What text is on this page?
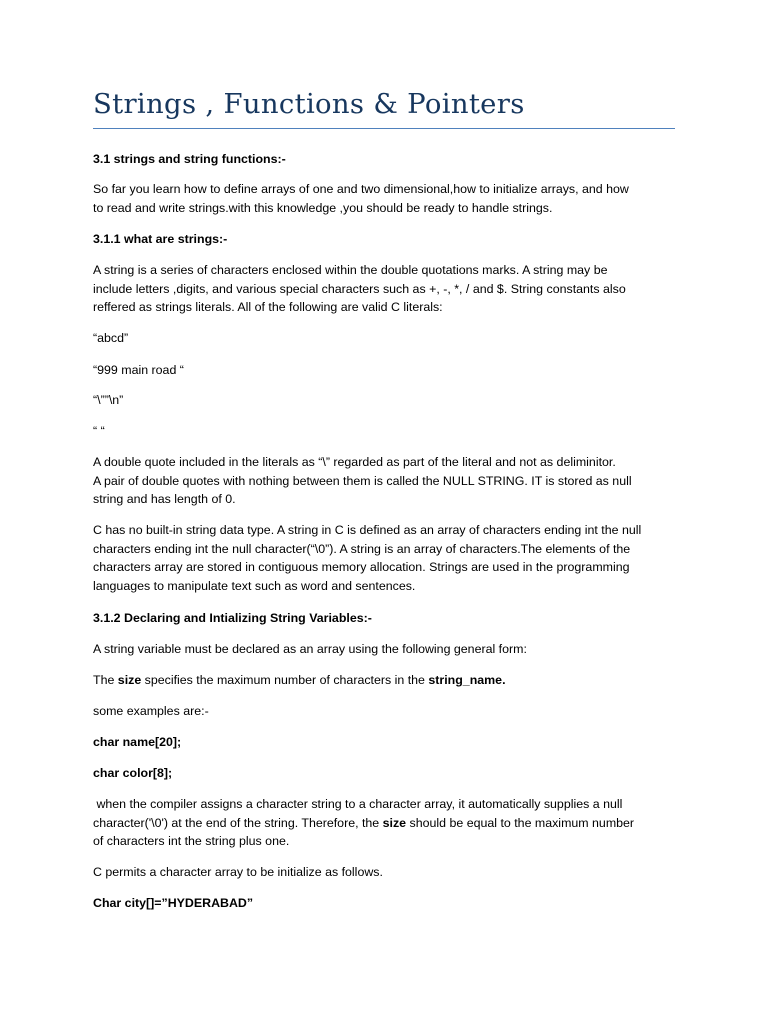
Strings , Functions & Pointers
3.1 strings and string functions:-
So far you learn how to define arrays of one and two dimensional,how to initialize arrays, and how
to read and write strings.with this knowledge ,you should be ready to handle strings.
3.1.1 what are strings:-
A string is a series of characters enclosed within the double quotations marks. A string may be
include letters ,digits, and various special characters such as +, -, *, / and $. String constants also
reffered as strings literals. All of the following are valid C literals:
“abcd”
“999 main road “
“\””\n”
“ “
A double quote included in the literals as “\” regarded as part of the literal and not as deliminitor.
A pair of double quotes with nothing between them is called the NULL STRING. IT is stored as null
string and has length of 0.
C has no built-in string data type. A string in C is defined as an array of characters ending int the null
characters ending int the null character(“\0”). A string is an array of characters.The elements of the
characters array are stored in contiguous memory allocation. Strings are used in the programming
languages to manipulate text such as word and sentences.
3.1.2 Declaring and Intializing String Variables:-
A string variable must be declared as an array using the following general form:
The size specifies the maximum number of characters in the string_name.
some examples are:-
char name[20];
char color[8];
when the compiler assigns a character string to a character array, it automatically supplies a null
character('\0') at the end of the string. Therefore, the size should be equal to the maximum number
of characters int the string plus one.
C permits a character array to be initialize as follows.
Char city[]=”HYDERABAD”
